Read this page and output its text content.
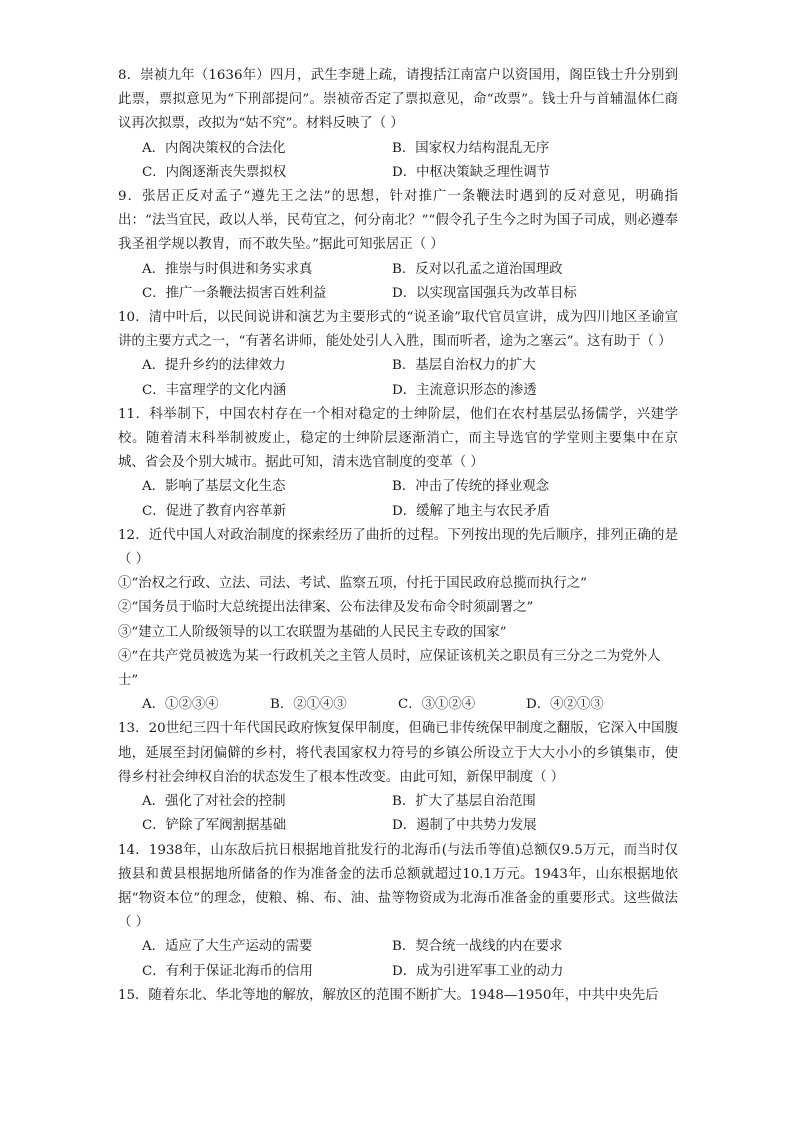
8．崇祯九年（1636年）四月，武生李琎上疏，请搜括江南富户以资国用，阁臣钱士升分别到此票，票拟意见为“下刑部提问”。崇祯帝否定了票拟意见，命“改票”。钱士升与首辅温体仁商议再次拟票，改拟为“姑不究”。材料反映了（ ）

A．内阁决策权的合法化	B．国家权力结构混乱无序
C．内阁逐渐丧失票拟权	D．中枢决策缺乏理性调节

9．张居正反对孟子“遵先王之法”的思想，针对推广一条鞭法时遇到的反对意见，明确指出：“法当宜民，政以人举，民苟宜之，何分南北？”“假令孔子生今之时为国子司成，则必遵奉我圣祖学规以教胄，而不敢失坠。”据此可知张居正（ ）

A．推崇与时俱进和务实求真	B．反对以孔孟之道治国理政
C．推广一条鞭法损害百姓利益	D．以实现富国强兵为改革目标

10．清中叶后，以民间说讲和演艺为主要形式的“说圣谕”取代官员宣讲，成为四川地区圣谕宣讲的主要方式之一，“有著名讲师，能处处引人入胜，围而听者，途为之塞云”。这有助于（ ）

A．提升乡约的法律效力	B．基层自治权力的扩大
C．丰富理学的文化内涵	D．主流意识形态的渗透

11．科举制下，中国农村存在一个相对稳定的士绅阶层，他们在农村基层弘扬儒学，兴建学校。随着清末科举制被废止，稳定的士绅阶层逐渐消亡，而主导选官的学堂则主要集中在京城、省会及个别大城市。据此可知，清末选官制度的变革（ ）

A．影响了基层文化生态	B．冲击了传统的择业观念
C．促进了教育内容革新	D．缓解了地主与农民矛盾

12．近代中国人对政治制度的探索经历了曲折的过程。下列按出现的先后顺序，排列正确的是（ ）

①“治权之行政、立法、司法、考试、监察五项，付托于国民政府总揽而执行之”

②“国务员于临时大总统提出法律案、公布法律及发布命令时须副署之”

③“建立工人阶级领导的以工农联盟为基础的人民民主专政的国家”

④“在共产党员被选为某一行政机关之主管人员时，应保证该机关之职员有三分之二为党外人士”

A．①②③④	B．②①④③	C．③①②④	D．④②①③

13．20世纪三四十年代国民政府恢复保甲制度，但确已非传统保甲制度之翻版，它深入中国腹地，延展至封闭偏僻的乡村，将代表国家权力符号的乡镇公所设立于大大小小的乡镇集市，使得乡村社会绅权自治的状态发生了根本性改变。由此可知，新保甲制度（ ）

A．强化了对社会的控制	B．扩大了基层自治范围
C．铲除了军阀割据基础	D．遏制了中共势力发展

14．1938年，山东敌后抗日根据地首批发行的北海币(与法币等值)总额仅9.5万元，而当时仅掖县和黄县根据地所储备的作为准备金的法币总额就超过10.1万元。1943年，山东根据地依据“物资本位”的理念，使粮、棉、布、油、盐等物资成为北海币准备金的重要形式。这些做法（ ）

A．适应了大生产运动的需要	B．契合统一战线的内在要求
C．有利于保证北海币的信用	D．成为引进军事工业的动力

15．随着东北、华北等地的解放，解放区的范围不断扩大。1948—1950年，中共中央先后
